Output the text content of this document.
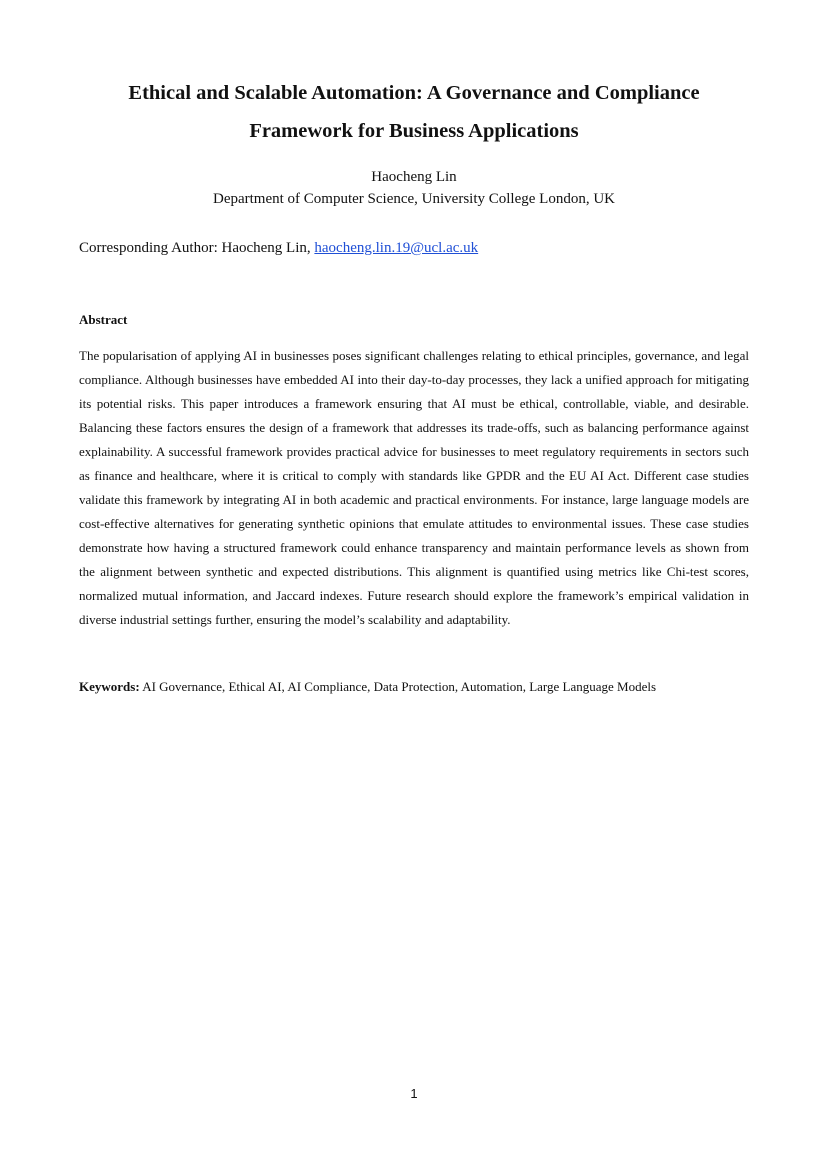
Ethical and Scalable Automation: A Governance and Compliance
Framework for Business Applications
Haocheng Lin
Department of Computer Science, University College London, UK
Corresponding Author: Haocheng Lin, haocheng.lin.19@ucl.ac.uk
Abstract

The popularisation of applying AI in businesses poses significant challenges relating to ethical principles, governance, and legal compliance. Although businesses have embedded AI into their day-to-day processes, they lack a unified approach for mitigating its potential risks. This paper introduces a framework ensuring that AI must be ethical, controllable, viable, and desirable. Balancing these factors ensures the design of a framework that addresses its trade-offs, such as balancing performance against explainability. A successful framework provides practical advice for businesses to meet regulatory requirements in sectors such as finance and healthcare, where it is critical to comply with standards like GPDR and the EU AI Act. Different case studies validate this framework by integrating AI in both academic and practical environments. For instance, large language models are cost-effective alternatives for generating synthetic opinions that emulate attitudes to environmental issues. These case studies demonstrate how having a structured framework could enhance transparency and maintain performance levels as shown from the alignment between synthetic and expected distributions. This alignment is quantified using metrics like Chi-test scores, normalized mutual information, and Jaccard indexes. Future research should explore the framework’s empirical validation in diverse industrial settings further, ensuring the model’s scalability and adaptability.

Keywords: AI Governance, Ethical AI, AI Compliance, Data Protection, Automation, Large Language Models
1
